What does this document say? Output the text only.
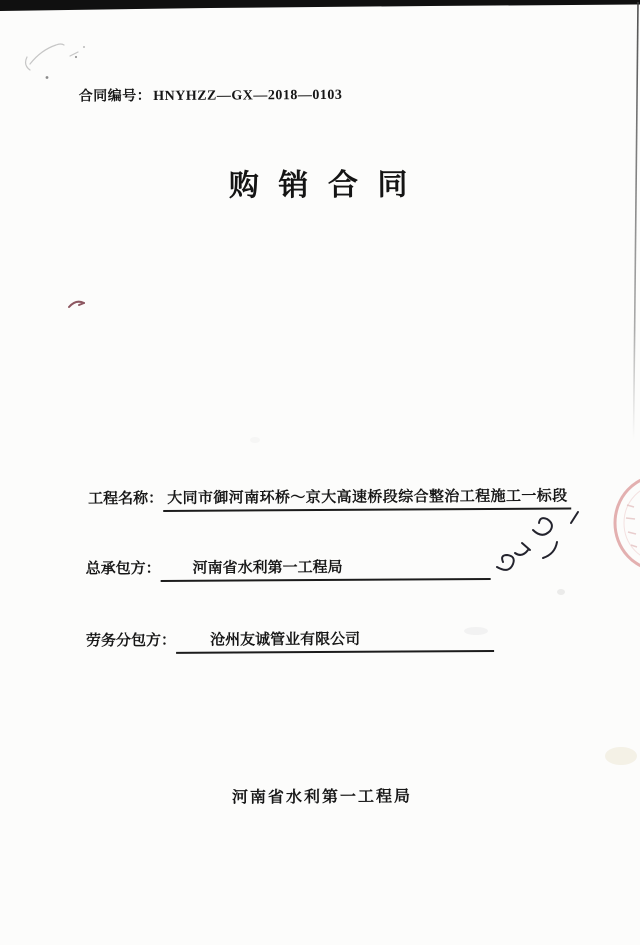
合同编号： HNYHZZ—GX—2018—0103
购 销 合 同
工程名称： 大同市御河南环桥～京大高速桥段综合整治工程施工一标段
总承包方：	河南省水利第一工程局
劳务分包方：	沧州友诚管业有限公司
河南省水利第一工程局
